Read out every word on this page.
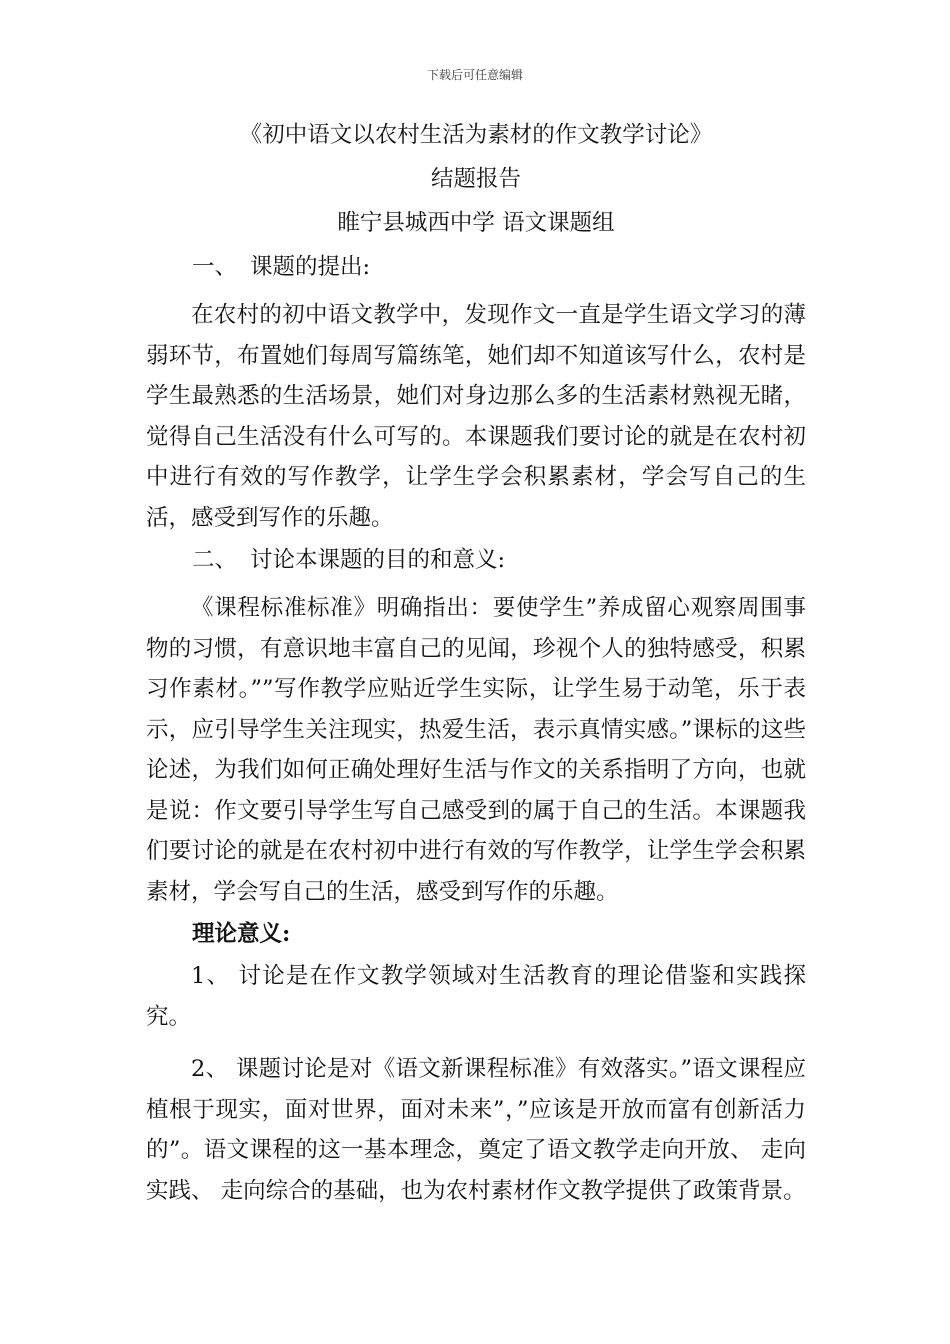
下载后可任意编辑
《初中语文以农村生活为素材的作文教学讨论》
结题报告
睢宁县城西中学 语文课题组
一、 课题的提出:

在农村的初中语文教学中，发现作文一直是学生语文学习的薄弱环节，布置她们每周写篇练笔，她们却不知道该写什么，农村是学生最熟悉的生活场景，她们对身边那么多的生活素材熟视无睹，觉得自己生活没有什么可写的。本课题我们要讨论的就是在农村初中进行有效的写作教学，让学生学会积累素材，学会写自己的生活，感受到写作的乐趣。

二、 讨论本课题的目的和意义:

《课程标准标准》明确指出：要使学生”养成留心观察周围事物的习惯，有意识地丰富自己的见闻，珍视个人的独特感受，积累习作素材。””写作教学应贴近学生实际，让学生易于动笔，乐于表示，应引导学生关注现实，热爱生活，表示真情实感。”课标的这些论述，为我们如何正确处理好生活与作文的关系指明了方向，也就是说：作文要引导学生写自己感受到的属于自己的生活。本课题我们要讨论的就是在农村初中进行有效的写作教学，让学生学会积累素材，学会写自己的生活，感受到写作的乐趣。

理论意义:

1、 讨论是在作文教学领域对生活教育的理论借鉴和实践探究。

2、 课题讨论是对《语文新课程标准》有效落实。”语文课程应植根于现实，面对世界，面对未来”，”应该是开放而富有创新活力的”。语文课程的这一基本理念，奠定了语文教学走向开放、 走向实践、 走向综合的基础，也为农村素材作文教学提供了政策背景。
